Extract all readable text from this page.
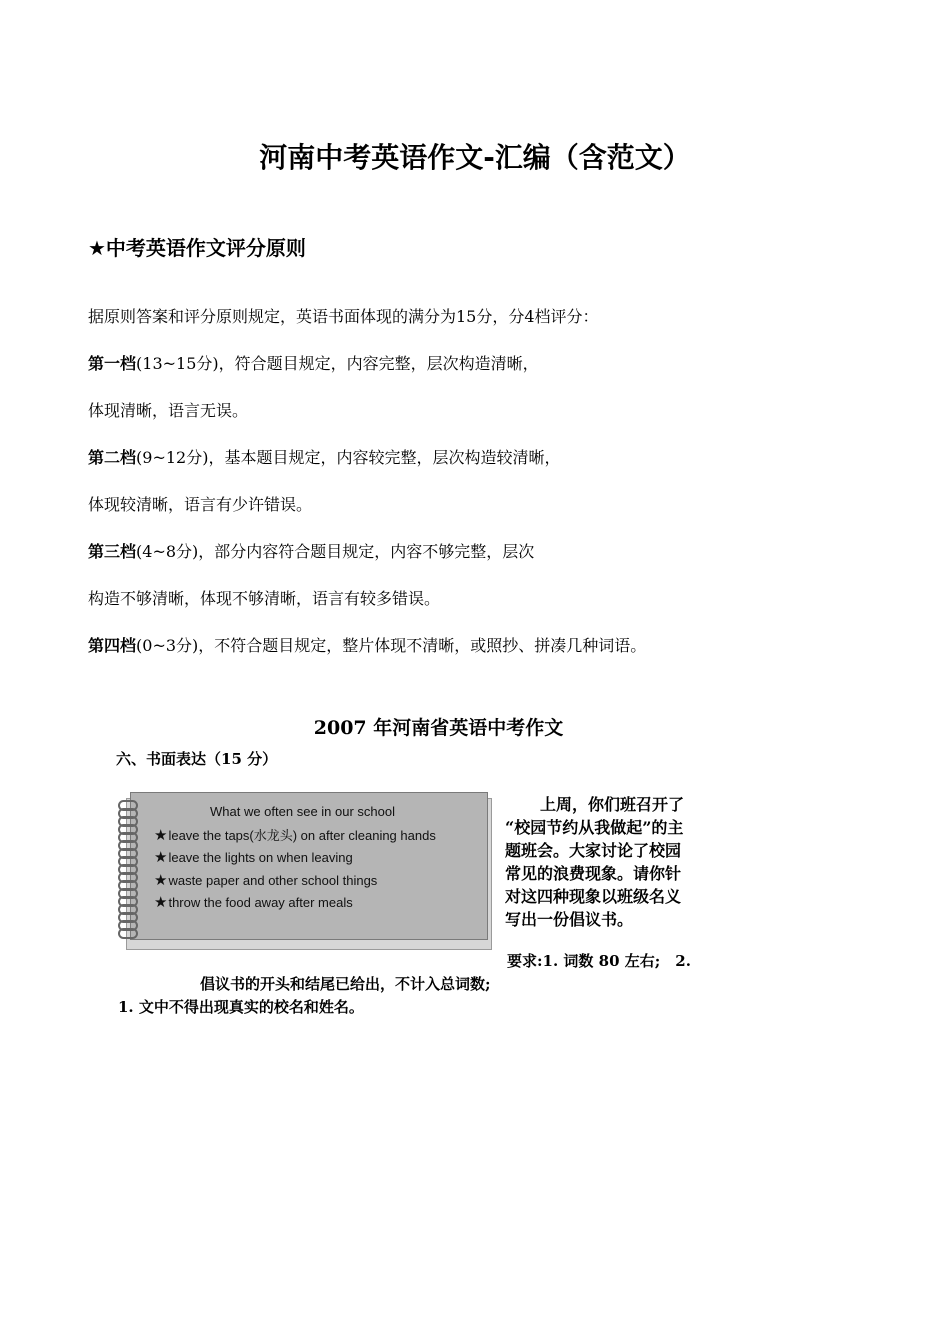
河南中考英语作文-汇编（含范文）
★中考英语作文评分原则
据原则答案和评分原则规定，英语书面体现的满分为15分，分4档评分：
第一档(13~15分)，符合题目规定，内容完整，层次构造清晰，
体现清晰，语言无误。
第二档(9~12分)，基本题目规定，内容较完整，层次构造较清晰，
体现较清晰，语言有少许错误。
第三档(4~8分)，部分内容符合题目规定，内容不够完整，层次
构造不够清晰，体现不够清晰，语言有较多错误。
第四档(0~3分)，不符合题目规定，整片体现不清晰，或照抄、拼凑几种词语。
2007 年河南省英语中考作文
六、书面表达（15 分）
What we often see in our school
★leave the taps(水龙头) on after cleaning hands
★leave the lights on when leaving
★waste paper and other school things
★throw the food away after meals
上周，你们班召开了
“校园节约从我做起”的主
题班会。大家讨论了校园
常见的浪费现象。请你针
对这四种现象以班级名义
写出一份倡议书。
要求:1. 词数 80 左右;　2.
倡议书的开头和结尾已给出，不计入总词数;
1. 文中不得出现真实的校名和姓名。
